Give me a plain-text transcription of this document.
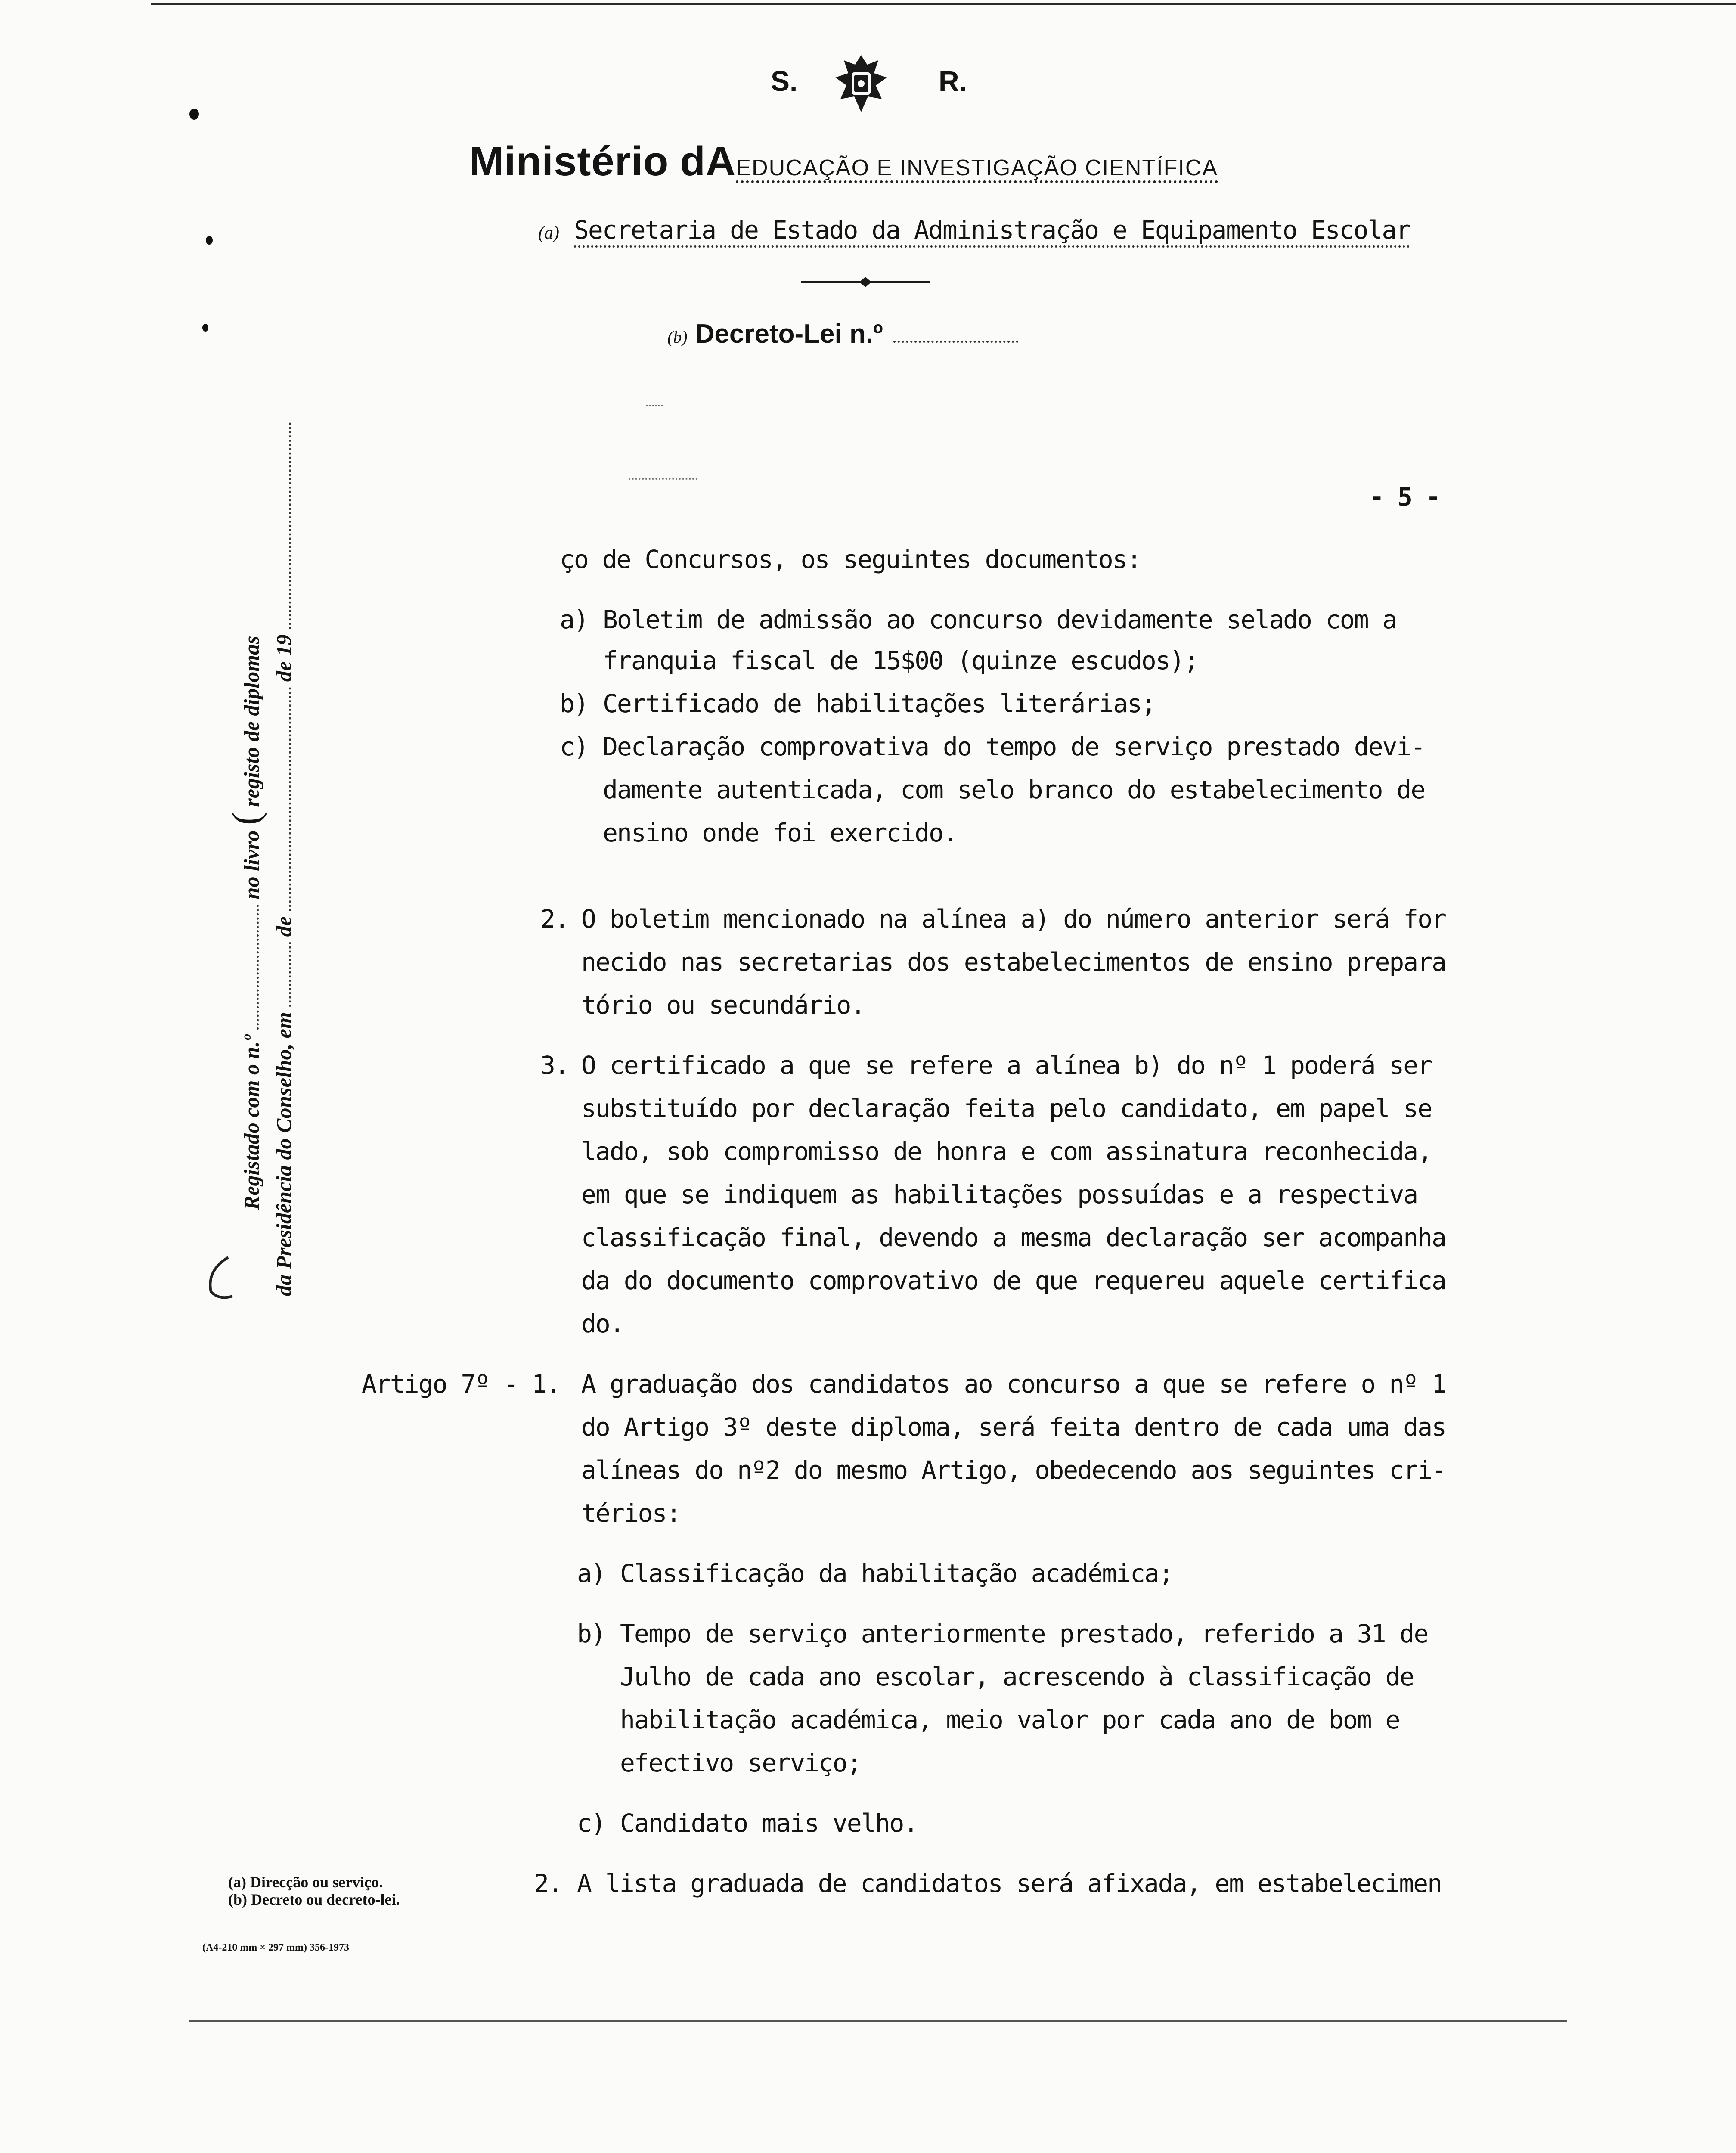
S.	R.
Ministério dAEDUCAÇÃO E INVESTIGAÇÃO CIENTÍFICA
(a) Secretaria de Estado da Administração e Equipamento Escolar
(b) Decreto-Lei n.º
- 5 -
Registado com o n.º  no livro ( registo de diplomas
da Presidência do Conselho, em  de  de 19
ço de Concursos, os seguintes documentos:
a) Boletim de admissão ao concurso devidamente selado com a
franquia fiscal de 15$00 (quinze escudos);
b) Certificado de habilitações literárias;
c) Declaração comprovativa do tempo de serviço prestado devi-
damente autenticada, com selo branco do estabelecimento de
ensino onde foi exercido.
2. O boletim mencionado na alínea a) do número anterior será for
necido nas secretarias dos estabelecimentos de ensino prepara
tório ou secundário.
3. O certificado a que se refere a alínea b) do nº 1 poderá ser
substituído por declaração feita pelo candidato, em papel se
lado, sob compromisso de honra e com assinatura reconhecida,
em que se indiquem as habilitações possuídas e a respectiva
classificação final, devendo a mesma declaração ser acompanha
da do documento comprovativo de que requereu aquele certifica
do.
Artigo 7º - 1. A graduação dos candidatos ao concurso a que se refere o nº 1
do Artigo 3º deste diploma, será feita dentro de cada uma das
alíneas do nº2 do mesmo Artigo, obedecendo aos seguintes cri-
térios:
a) Classificação da habilitação académica;
b) Tempo de serviço anteriormente prestado, referido a 31 de
Julho de cada ano escolar, acrescendo à classificação de
habilitação académica, meio valor por cada ano de bom e
efectivo serviço;
c) Candidato mais velho.
2. A lista graduada de candidatos será afixada, em estabelecimen
(a) Direcção ou serviço.
(b) Decreto ou decreto-lei.
(A4-210 mm × 297 mm) 356-1973
